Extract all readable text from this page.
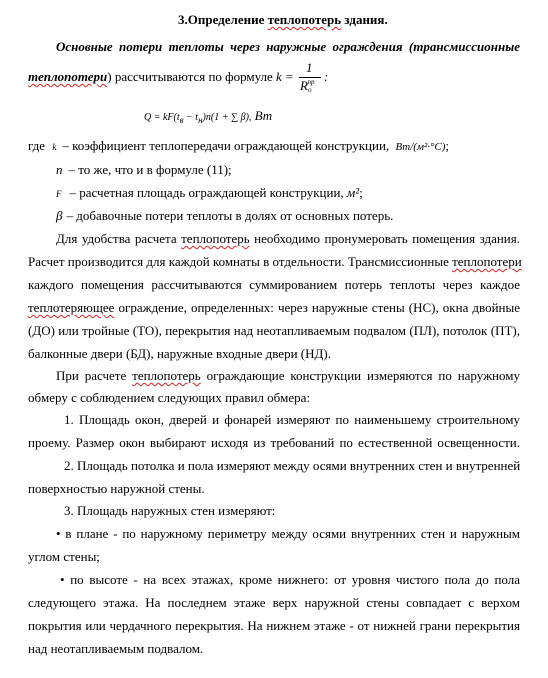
··
3.Определение теплопотерь здания.
Основные потери теплоты через наружные ограждения (трансмиссионные
теплопотери) рассчитываются по формуле k =
1
$R_о^{пр}$ :
$Q = kF(t_в - t_н)n(1$ + ∑ β), Вт
где k – коэффициент теплопередачи ограждающей конструкции, Вт/(м²·°С);
n – то же, что и в формуле (11);
F – расчетная площадь ограждающей конструкции, м²;
β – добавочные потери теплоты в долях от основных потерь.
Для удобства расчета теплопотерь необходимо пронумеровать помещения здания.
Расчет производится для каждой комнаты в отдельности. Трансмиссионные теплопотери
каждого помещения рассчитываются суммированием потерь теплоты через каждое
теплотеряющее ограждение, определенных: через наружные стены (НС), окна двойные
(ДО) или тройные (ТО), перекрытия над неотапливаемым подвалом (ПЛ), потолок (ПТ),
балконные двери (БД), наружные входные двери (НД).
При расчете теплопотерь ограждающие конструкции измеряются по наружному
обмеру с соблюдением следующих правил обмера:
1. Площадь окон, дверей и фонарей измеряют по наименьшему строительному
проему. Размер окон выбирают исходя из требований по естественной освещенности.
2. Площадь потолка и пола измеряют между осями внутренних стен и внутренней
поверхностью наружной стены.
3. Площадь наружных стен измеряют:
• в плане - по наружному периметру между осями внутренних стен и наружным
углом стены;
• по высоте - на всех этажах, кроме нижнего: от уровня чистого пола до пола
следующего этажа. На последнем этаже верх наружной стены совпадает с верхом
покрытия или чердачного перекрытия. На нижнем этаже - от нижней грани перекрытия
над неотапливаемым подвалом.
